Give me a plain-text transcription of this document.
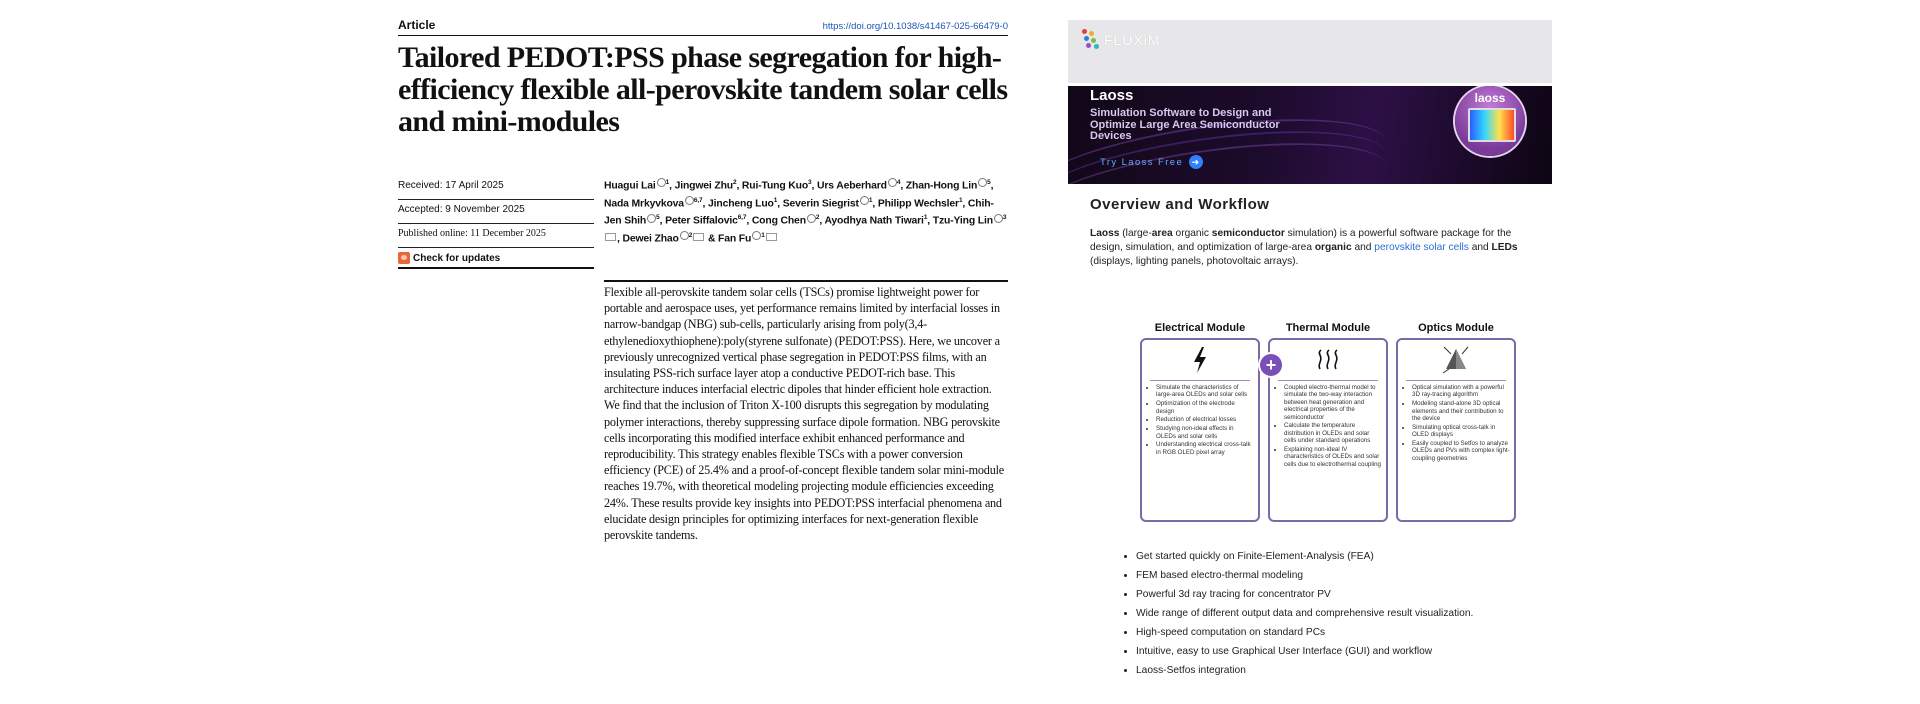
Article	https://doi.org/10.1038/s41467-025-66479-0
Tailored PEDOT:PSS phase segregation for high-efficiency flexible all-perovskite tandem solar cells and mini-modules
Received: 17 April 2025
Accepted: 9 November 2025
Published online: 11 December 2025
Check for updates
Huagui Lai $^1$, Jingwei Zhu$^2$, Rui-Tung Kuo$^3$, Urs Aeberhard $^4$, Zhan-Hong Lin $^5$, Nada Mrkyvkova $^{6,7}$, Jincheng Luo$^1$, Severin Siegrist $^1$, Philipp Wechsler$^1$, Chih-Jen Shih $^5$, Peter Siffalovic$^{6,7}$, Cong Chen $^2$, Ayodhya Nath Tiwari$^1$, Tzu-Ying Lin $^3$, Dewei Zhao $^2$ & Fan Fu $^1$

Flexible all-perovskite tandem solar cells (TSCs) promise lightweight power for portable and aerospace uses, yet performance remains limited by interfacial losses in narrow-bandgap (NBG) sub-cells, particularly arising from poly(3,4-ethylenedioxythiophene):poly(styrene sulfonate) (PEDOT:PSS). Here, we uncover a previously unrecognized vertical phase segregation in PEDOT:PSS films, with an insulating PSS-rich surface layer atop a conductive PEDOT-rich base. This architecture induces interfacial electric dipoles that hinder efficient hole extraction. We find that the inclusion of Triton X-100 disrupts this segregation by modulating polymer interactions, thereby suppressing surface dipole formation. NBG perovskite cells incorporating this modified interface exhibit enhanced performance and reproducibility. This strategy enables flexible TSCs with a power conversion efficiency (PCE) of 25.4% and a proof-of-concept flexible tandem solar mini-module reaches 19.7%, with theoretical modeling projecting module efficiencies exceeding 24%. These results provide key insights into PEDOT:PSS interfacial phenomena and elucidate design principles for optimizing interfaces for next-generation flexible perovskite tandems.

FLUXiM
Laoss
Simulation Software to Design and Optimize Large Area Semiconductor Devices
Try Laoss Free ➜
laoss
Overview and Workflow
Laoss (large-area organic semiconductor simulation) is a powerful software package for the design, simulation, and optimization of large-area organic and perovskite solar cells and LEDs (displays, lighting panels, photovoltaic arrays).
Electrical Module
• Simulate the characteristics of large-area OLEDs and solar cells
• Optimization of the electrode design
• Reduction of electrical losses
• Studying non-ideal effects in OLEDs and solar cells
• Understanding electrical cross-talk in RGB OLED pixel array
+
Thermal Module
• Coupled electro-thermal model to simulate the two-way interaction between heat generation and electrical properties of the semiconductor
• Calculate the temperature distribution in OLEDs and solar cells under standard operations
• Explaining non-ideal IV characteristics of OLEDs and solar cells due to electrothermal coupling
Optics Module
• Optical simulation with a powerful 3D ray-tracing algorithm
• Modeling stand-alone 3D optical elements and their contribution to the device
• Simulating optical cross-talk in OLED displays
• Easily coupled to Setfos to analyze OLEDs and PVs with complex light-coupling geometries
• Get started quickly on Finite-Element-Analysis (FEA)
• FEM based electro-thermal modeling
• Powerful 3d ray tracing for concentrator PV
• Wide range of different output data and comprehensive result visualization.
• High-speed computation on standard PCs
• Intuitive, easy to use Graphical User Interface (GUI) and workflow
• Laoss-Setfos integration
